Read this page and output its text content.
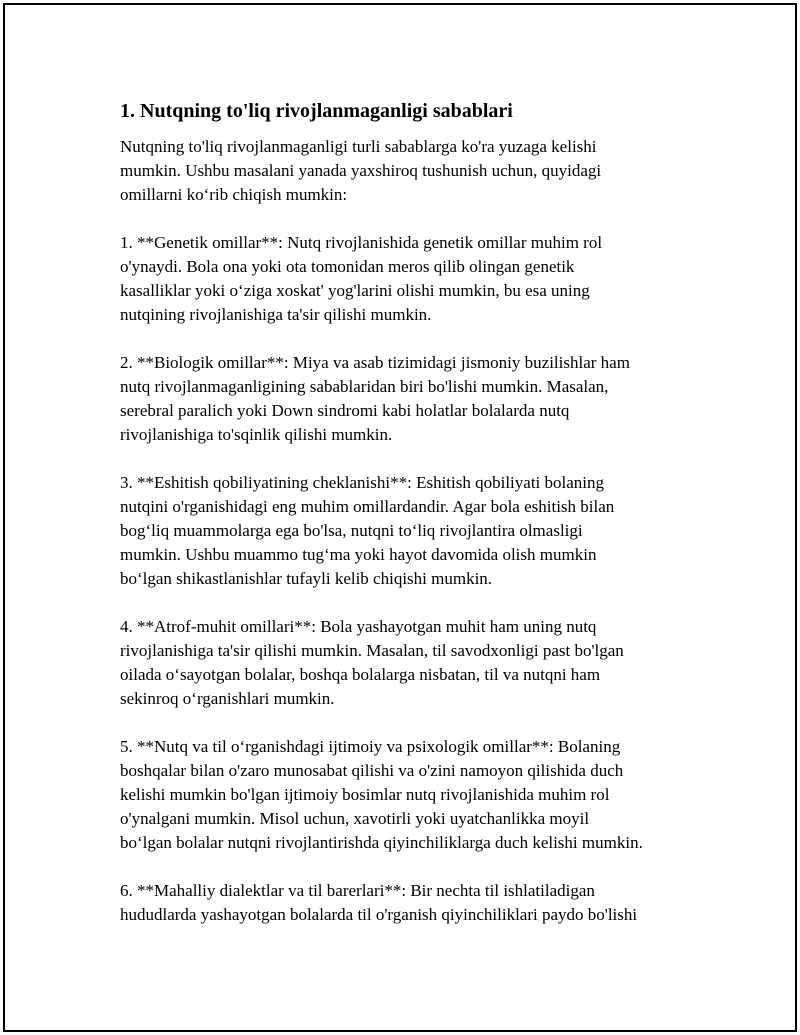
1. Nutqning to'liq rivojlanmaganligi sabablari
Nutqning to'liq rivojlanmaganligi turli sabablarga ko'ra yuzaga kelishi
mumkin. Ushbu masalani yanada yaxshiroq tushunish uchun, quyidagi
omillarni ko‘rib chiqish mumkin:
1. **Genetik omillar**: Nutq rivojlanishida genetik omillar muhim rol
o'ynaydi. Bola ona yoki ota tomonidan meros qilib olingan genetik
kasalliklar yoki o‘ziga xoskat' yog'larini olishi mumkin, bu esa uning
nutqining rivojlanishiga ta'sir qilishi mumkin.
2. **Biologik omillar**: Miya va asab tizimidagi jismoniy buzilishlar ham
nutq rivojlanmaganligining sabablaridan biri bo'lishi mumkin. Masalan,
serebral paralich yoki Down sindromi kabi holatlar bolalarda nutq
rivojlanishiga to'sqinlik qilishi mumkin.
3. **Eshitish qobiliyatining cheklanishi**: Eshitish qobiliyati bolaning
nutqini o'rganishidagi eng muhim omillardandir. Agar bola eshitish bilan
bog‘liq muammolarga ega bo'lsa, nutqni to‘liq rivojlantira olmasligi
mumkin. Ushbu muammo tug‘ma yoki hayot davomida olish mumkin
bo‘lgan shikastlanishlar tufayli kelib chiqishi mumkin.
4. **Atrof-muhit omillari**: Bola yashayotgan muhit ham uning nutq
rivojlanishiga ta'sir qilishi mumkin. Masalan, til savodxonligi past bo'lgan
oilada o‘sayotgan bolalar, boshqa bolalarga nisbatan, til va nutqni ham
sekinroq o‘rganishlari mumkin.
5. **Nutq va til o‘rganishdagi ijtimoiy va psixologik omillar**: Bolaning
boshqalar bilan o'zaro munosabat qilishi va o'zini namoyon qilishida duch
kelishi mumkin bo'lgan ijtimoiy bosimlar nutq rivojlanishida muhim rol
o'ynalgani mumkin. Misol uchun, xavotirli yoki uyatchanlikka moyil
bo‘lgan bolalar nutqni rivojlantirishda qiyinchiliklarga duch kelishi mumkin.
6. **Mahalliy dialektlar va til barerlari**: Bir nechta til ishlatiladigan
hududlarda yashayotgan bolalarda til o'rganish qiyinchiliklari paydo bo'lishi
